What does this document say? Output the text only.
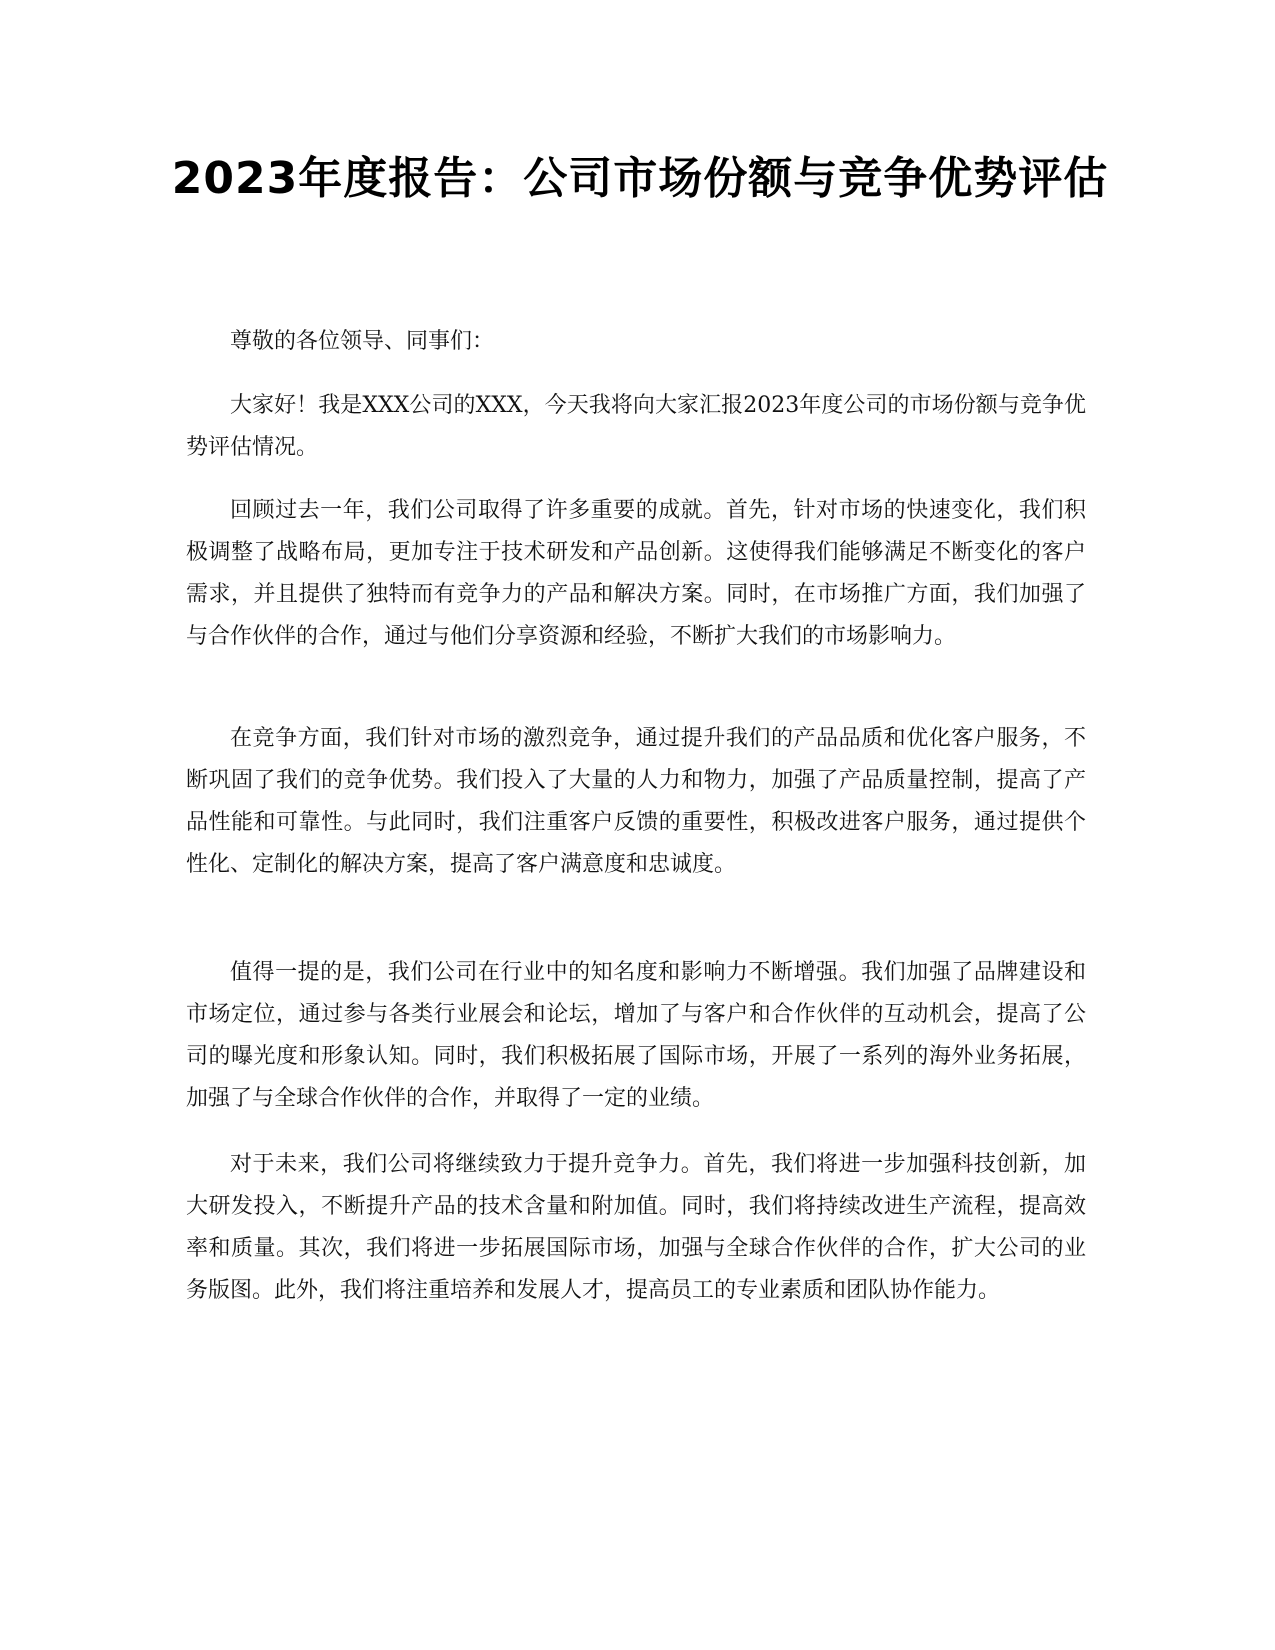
2023年度报告：公司市场份额与竞争优势评估

尊敬的各位领导、同事们：

大家好！我是XXX公司的XXX，今天我将向大家汇报2023年度公司的市场份额与竞争优势评估情况。

回顾过去一年，我们公司取得了许多重要的成就。首先，针对市场的快速变化，我们积极调整了战略布局，更加专注于技术研发和产品创新。这使得我们能够满足不断变化的客户需求，并且提供了独特而有竞争力的产品和解决方案。同时，在市场推广方面，我们加强了与合作伙伴的合作，通过与他们分享资源和经验，不断扩大我们的市场影响力。

在竞争方面，我们针对市场的激烈竞争，通过提升我们的产品品质和优化客户服务，不断巩固了我们的竞争优势。我们投入了大量的人力和物力，加强了产品质量控制，提高了产品性能和可靠性。与此同时，我们注重客户反馈的重要性，积极改进客户服务，通过提供个性化、定制化的解决方案，提高了客户满意度和忠诚度。

值得一提的是，我们公司在行业中的知名度和影响力不断增强。我们加强了品牌建设和市场定位，通过参与各类行业展会和论坛，增加了与客户和合作伙伴的互动机会，提高了公司的曝光度和形象认知。同时，我们积极拓展了国际市场，开展了一系列的海外业务拓展，加强了与全球合作伙伴的合作，并取得了一定的业绩。

对于未来，我们公司将继续致力于提升竞争力。首先，我们将进一步加强科技创新，加大研发投入，不断提升产品的技术含量和附加值。同时，我们将持续改进生产流程，提高效率和质量。其次，我们将进一步拓展国际市场，加强与全球合作伙伴的合作，扩大公司的业务版图。此外，我们将注重培养和发展人才，提高员工的专业素质和团队协作能力。
